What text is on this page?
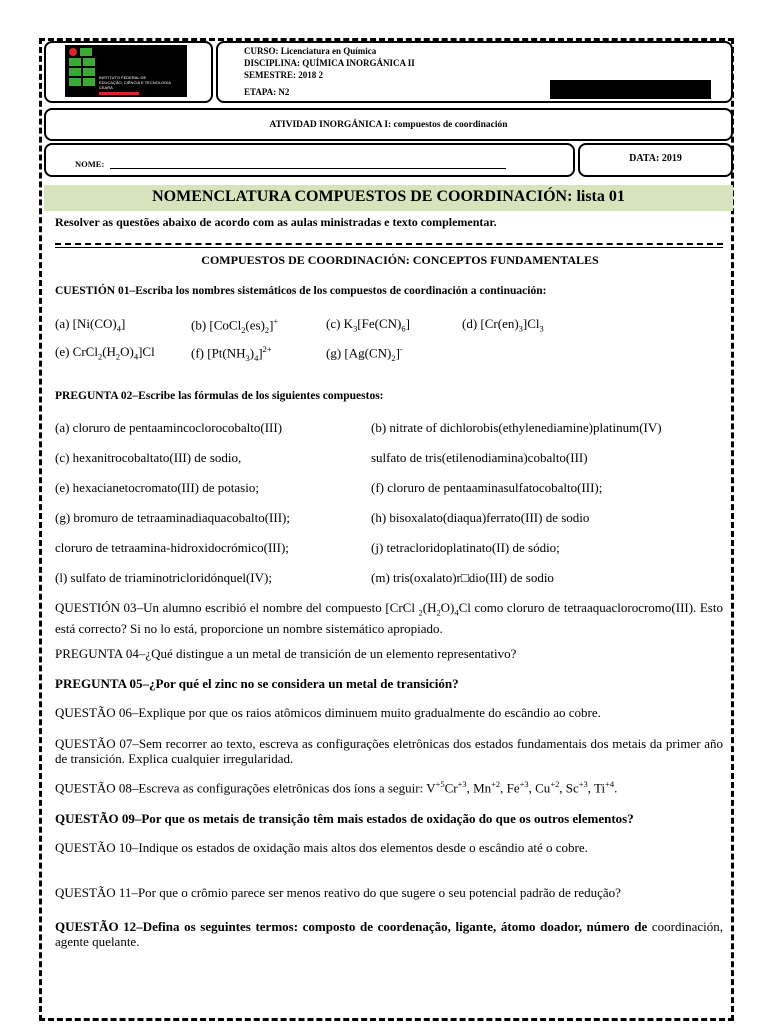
INSTITUTO FEDERAL DE
EDUCAÇÃO, CIÊNCIA E TECNOLOGIA
CEARÁ
CURSO: Licenciatura en Química
DISCIPLINA: QUÍMICA INORGÁNICA II
SEMESTRE: 2018 2
ETAPA: N2
ATIVIDAD INORGÁNICA I: compuestos de coordinación
NOME:	DATA: 2019
NOMENCLATURA COMPUESTOS DE COORDINACIÓN: lista 01
Resolver as questões abaixo de acordo com as aulas ministradas e texto complementar.
COMPUESTOS DE COORDINACIÓN: CONCEPTOS FUNDAMENTALES
CUESTIÓN 01–Escriba los nombres sistemáticos de los compuestos de coordinación a continuación:
(a) $[Ni(CO)_4]$	(b) $[CoCl_2(es)_2]^+$	(c) $K_3[Fe(CN)_6]$	(d) $[Cr(en)_3]Cl_3$
(e) $CrCl_2(H_2O)_4]Cl$	(f) $[Pt(NH_3)_4]^{2+}$	(g) $[Ag(CN)_2]^-$
PREGUNTA 02–Escribe las fórmulas de los siguientes compuestos:
(a) cloruro de pentaamincoclorocobalto(III)	(b) nitrate of dichlorobis(ethylenediamine)platinum(IV)
(c) hexanitrocobaltato(III) de sodio,	sulfato de tris(etilenodiamina)cobalto(III)
(e) hexacianetocromato(III) de potasio;	(f) cloruro de pentaaminasulfatocobalto(III);
(g) bromuro de tetraaminadiaquacobalto(III);	(h) bisoxalato(diaqua)ferrato(III) de sodio
cloruro de tetraamina-hidroxidocrómico(III);	(j) tetracloridoplatinato(II) de sódio;
(l) sulfato de triaminotricloridónquel(IV);	(m) tris(oxalato)r□dio(III) de sodio
QUESTIÓN 03–Un alumno escribió el nombre del compuesto [CrCl $_2(H_2O)_4Cl$ como cloruro de tetraaquaclorocromo(III). Esto está correcto? Si no lo está, proporcione un nombre sistemático apropiado.
PREGUNTA 04–¿Qué distingue a un metal de transición de un elemento representativo?
PREGUNTA 05–¿Por qué el zinc no se considera un metal de transición?
QUESTÃO 06–Explique por que os raios atômicos diminuem muito gradualmente do escândio ao cobre.
QUESTÃO 07–Sem recorrer ao texto, escreva as configurações eletrônicas dos estados fundamentais dos metais da primer año de transición. Explica cualquier irregularidad.
QUESTÃO 08–Escreva as configurações eletrônicas dos íons a seguir: $V^{+5}Cr^{+3}$, $Mn^{+2}$, $Fe^{+3}$, $Cu^{+2}$, $Sc^{+3}$, $Ti^{+4}$.
QUESTÃO 09–Por que os metais de transição têm mais estados de oxidação do que os outros elementos?
QUESTÃO 10–Indique os estados de oxidação mais altos dos elementos desde o escândio até o cobre.
QUESTÃO 11–Por que o crômio parece ser menos reativo do que sugere o seu potencial padrão de redução?
QUESTÃO 12–Defina os seguintes termos: composto de coordenação, ligante, átomo doador, número de coordinación, agente quelante.
